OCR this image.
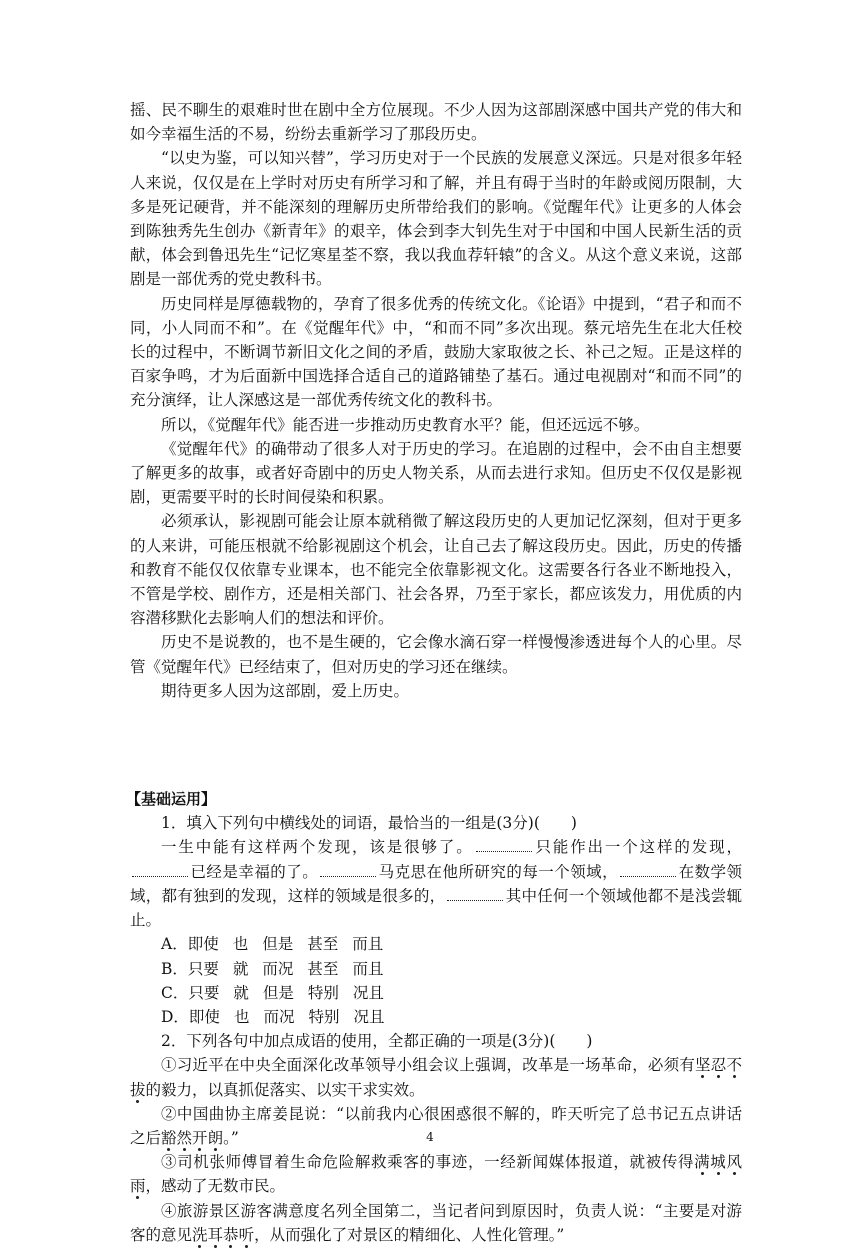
摇、民不聊生的艰难时世在剧中全方位展现。不少人因为这部剧深感中国共产党的伟大和如今幸福生活的不易，纷纷去重新学习了那段历史。

“以史为鉴，可以知兴替”，学习历史对于一个民族的发展意义深远。只是对很多年轻人来说，仅仅是在上学时对历史有所学习和了解，并且有碍于当时的年龄或阅历限制，大多是死记硬背，并不能深刻的理解历史所带给我们的影响。《觉醒年代》让更多的人体会到陈独秀先生创办《新青年》的艰辛，体会到李大钊先生对于中国和中国人民新生活的贡献，体会到鲁迅先生“记忆寒星荃不察，我以我血荐轩辕”的含义。从这个意义来说，这部剧是一部优秀的党史教科书。

历史同样是厚德载物的，孕育了很多优秀的传统文化。《论语》中提到，“君子和而不同，小人同而不和”。在《觉醒年代》中，“和而不同”多次出现。蔡元培先生在北大任校长的过程中，不断调节新旧文化之间的矛盾，鼓励大家取彼之长、补己之短。正是这样的百家争鸣，才为后面新中国选择合适自己的道路铺垫了基石。通过电视剧对“和而不同”的充分演绎，让人深感这是一部优秀传统文化的教科书。

所以，《觉醒年代》能否进一步推动历史教育水平？能，但还远远不够。

《觉醒年代》的确带动了很多人对于历史的学习。在追剧的过程中，会不由自主想要了解更多的故事，或者好奇剧中的历史人物关系，从而去进行求知。但历史不仅仅是影视剧，更需要平时的长时间侵染和积累。

必须承认，影视剧可能会让原本就稍微了解这段历史的人更加记忆深刻，但对于更多的人来讲，可能压根就不给影视剧这个机会，让自己去了解这段历史。因此，历史的传播和教育不能仅仅依靠专业课本，也不能完全依靠影视文化。这需要各行各业不断地投入，不管是学校、剧作方，还是相关部门、社会各界，乃至于家长，都应该发力，用优质的内容潜移默化去影响人们的想法和评价。

历史不是说教的，也不是生硬的，它会像水滴石穿一样慢慢渗透进每个人的心里。尽管《觉醒年代》已经结束了，但对历史的学习还在继续。

期待更多人因为这部剧，爱上历史。

【基础运用】

1．填入下列句中横线处的词语，最恰当的一组是(3分)(　　)

一生中能有这样两个发现，该是很够了。	只能作出一个这样的发现，已经是幸福的了。	马克思在他所研究的每一个领域，	在数学领域，都有独到的发现，这样的领域是很多的，	其中任何一个领域他都不是浅尝辄止。

A．即使 也 但是 甚至 而且

B．只要 就 而况 甚至 而且

C．只要 就 但是 特别 况且

D．即使 也 而况 特别 况且

2．下列各句中加点成语的使用，全都正确的一项是(3分)(　　)

①习近平在中央全面深化改革领导小组会议上强调，改革是一场革命，必须有坚忍不拔的毅力，以真抓促落实、以实干求实效。

②中国曲协主席姜昆说：“以前我内心很困惑很不解的，昨天听完了总书记五点讲话之后豁然开朗。”

③司机张师傅冒着生命危险解救乘客的事迹，一经新闻媒体报道，就被传得满城风雨，感动了无数市民。

④旅游景区游客满意度名列全国第二，当记者问到原因时，负责人说：“主要是对游客的意见洗耳恭听，从而强化了对景区的精细化、人性化管理。”

4
